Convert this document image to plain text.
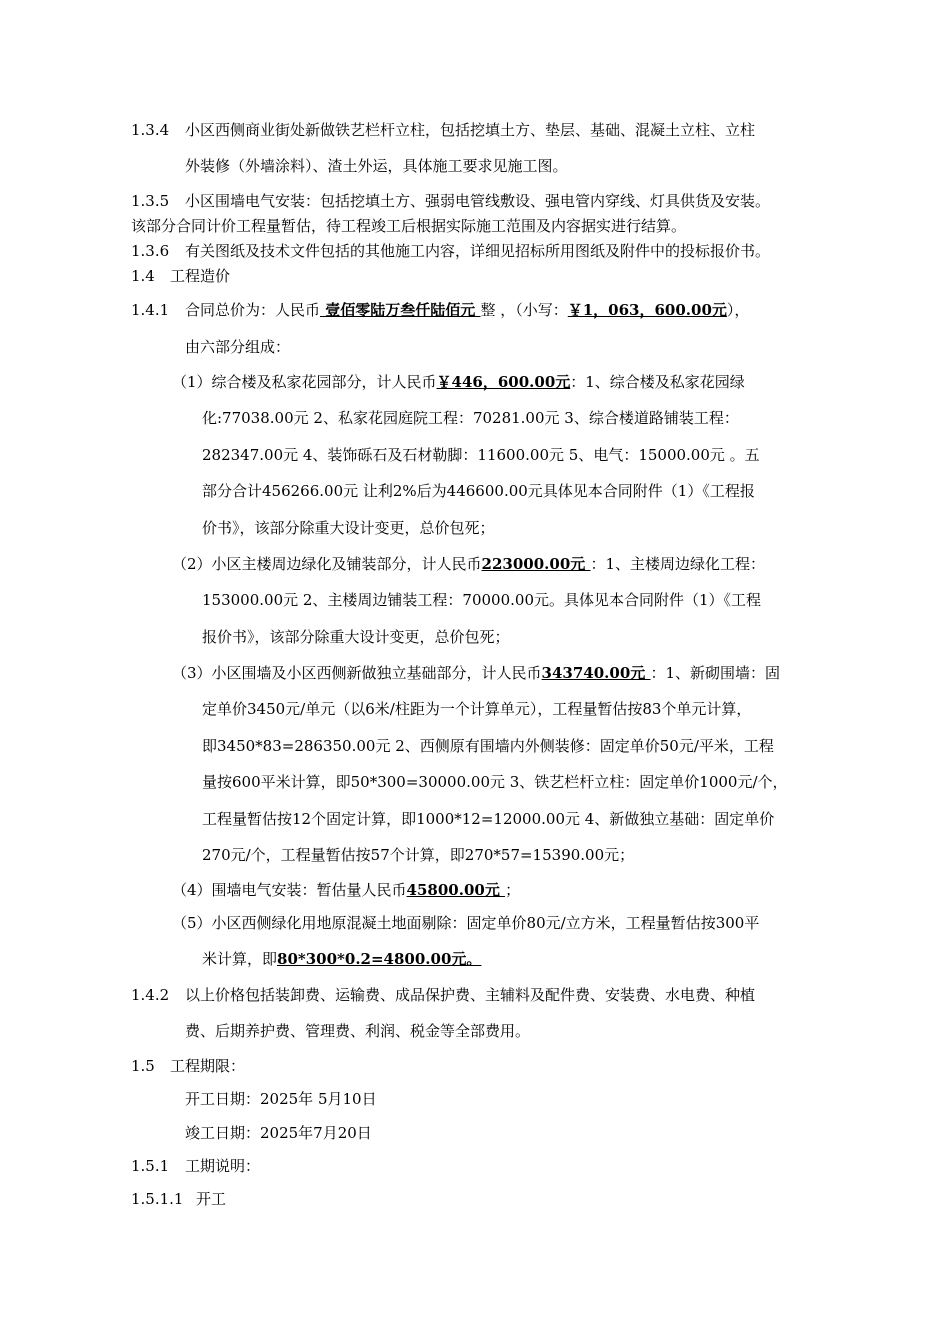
1.3.4 小区西侧商业街处新做铁艺栏杆立柱，包括挖填土方、垫层、基础、混凝土立柱、立柱
外装修（外墙涂料）、渣土外运，具体施工要求见施工图。
1.3.5 小区围墙电气安装：包括挖填土方、强弱电管线敷设、强电管内穿线、灯具供货及安装。
该部分合同计价工程量暂估，待工程竣工后根据实际施工范围及内容据实进行结算。
1.3.6 有关图纸及技术文件包括的其他施工内容，详细见招标所用图纸及附件中的投标报价书。
1.4 工程造价
1.4.1 合同总价为：人民币 壹佰零陆万叁仟陆佰元 整 ，（小写：￥1，063，600.00元），
由六部分组成：
（1）综合楼及私家花园部分，计人民币￥446，600.00元：1、综合楼及私家花园绿
化:77038.00元 2、私家花园庭院工程：70281.00元 3、综合楼道路铺装工程：
282347.00元 4、装饰砾石及石材勒脚：11600.00元 5、电气：15000.00元 。五
部分合计456266.00元 让利2%后为446600.00元具体见本合同附件（1）《工程报
价书》，该部分除重大设计变更，总价包死；
（2）小区主楼周边绿化及铺装部分，计人民币223000.00元 ：1、主楼周边绿化工程：
153000.00元 2、主楼周边铺装工程：70000.00元。具体见本合同附件（1）《工程
报价书》，该部分除重大设计变更，总价包死；
（3）小区围墙及小区西侧新做独立基础部分，计人民币343740.00元 ：1、新砌围墙：固
定单价3450元/单元（以6米/柱距为一个计算单元），工程量暂估按83个单元计算，
即3450*83=286350.00元 2、西侧原有围墙内外侧装修：固定单价50元/平米，工程
量按600平米计算，即50*300=30000.00元 3、铁艺栏杆立柱：固定单价1000元/个，
工程量暂估按12个固定计算，即1000*12=12000.00元 4、新做独立基础：固定单价
270元/个，工程量暂估按57个计算，即270*57=15390.00元；
（4）围墙电气安装：暂估量人民币45800.00元 ；
（5）小区西侧绿化用地原混凝土地面剔除：固定单价80元/立方米，工程量暂估按300平
米计算，即80*300*0.2=4800.00元。
1.4.2 以上价格包括装卸费、运输费、成品保护费、主辅料及配件费、安装费、水电费、种植
费、后期养护费、管理费、利润、税金等全部费用。
1.5 工程期限：
开工日期：2025年 5月10日
竣工日期：2025年7月20日
1.5.1 工期说明：
1.5.1.1 开工
